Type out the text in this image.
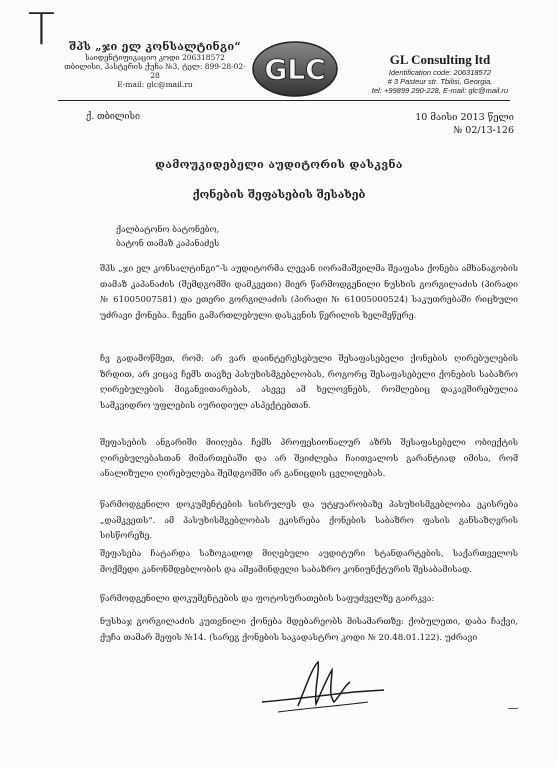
T	შპს „ჯი ელ კონსალტინგი“
საიდენტიფიკაციო კოდი 206318572
თბილისი, პასტერის ქუჩა №3, ტელ: 899-28-02-28
E-mail: glc@mail.ru	GLC	GL Consulting ltd
Identification code: 206318572
# 3 Pasteur str. Tbilisi, Georgia,
tel: +99899 290-228, E-mail: glc@mail.ru
ქ. თბილისი	10 მაისი 2013 წელი
№ 02/13-126
დამოუკიდებელი აუდიტორის დასკვნა
ქონების შეფასების შესახებ
ქალბატონო ბატონებო,
ბატონ თამაზ კაპანაძეს
შპს „ჯი ელ კონსალტინგი“-ს აუდიტორმა ლევან იორამაშვილმა შეაფასა ქონება ამხანაგობის თამაზ კაპანაძის (შემდგომში დამკვეთი) მიერ წარმოდგენილი ნუსხის გორგილაძის (პირადი № 61005007581) და ეთერი გორგილაძის (პირადი № 61005000524) საკუთრებაში რიცხული უძრავი ქონება. ჩვენი გამართლებული დასკვნის წერილის ხელმეწერე.
ჩვ გადამოწმეთ, რომ: არ ვარ დაინტერესებული შესაფასებელი ქონების ღირებულების ზრდით, არ ვიცავ ჩემს თავზე პასუხისმგებლობას, როგორც შესაფასებელი ქონების საბაზრო ღირებულების მიგანვითარებას, ასევე ამ ხელოვნებს, რომლებიც დაკავშირებულია სამკვიდრო უფლების იურიდიულ ასპექტებთან.
შეფასების ანგარიში მიიღება ჩემს პროფესიონალურ აზრს შესაფასებელი ობიექტის ღირებულებასთან მიმართებაში და არ შეიძლება ჩაითვალოს გარანტიად იმისა, რომ ანალიზული ღირებულება შემდგომში არ განიცდის ცვლილებას.
წარმოდგენილი დოკუმენტების სისრულეს და უტყუარობაზე პასუხისმგებლობა ეკისრება „დამკვეთს“. ამ პასუხისმგებლობას ეკისრება ქონების საბაზრო ფასის განსაზღვრის სისწორეზე.
შეფასება ჩატარდა საზოგადოდ მიღებული აუდიტური სტანდარტების, საქართველოს მოქმედი კანონმდებლობის და ამჟამინდელი საბაზრო კონიუნქტურის შესაბამისად.
წარმოდგენილი დოკუმენტების და ფოტოსურათების საფუძველზე გაირკვა:
ნუსხაჯ გორგილაძის კუთვნილი ქონება მდებარეობს მისამართზე: ქობულეთი, დაბა ჩაქვი, ქუჩა თამარ მეფის №14. (სარეგ ქონების საკადასტრო კოდი № 20.48.01.122). უძრავი
